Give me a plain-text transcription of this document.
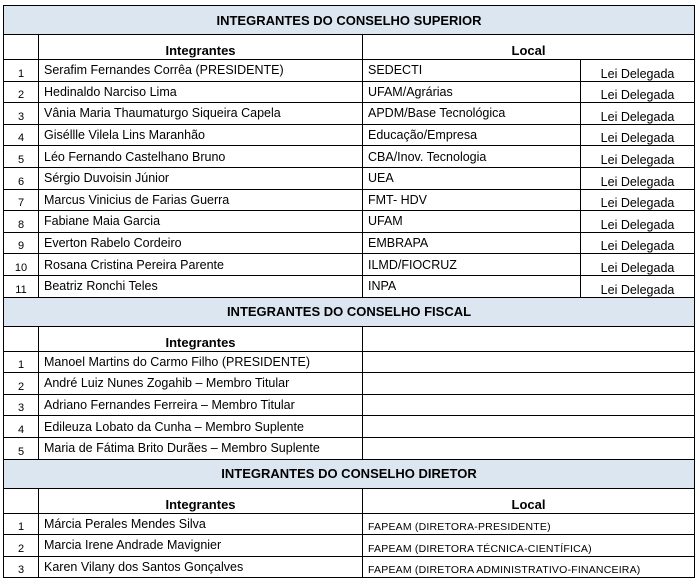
INTEGRANTES DO CONSELHO SUPERIOR			
	Integrantes	Local	
1	Serafim Fernandes Corrêa (PRESIDENTE)	SEDECTI	Lei Delegada
2	Hedinaldo Narciso Lima	UFAM/Agrárias	Lei Delegada
3	Vânia Maria Thaumaturgo Siqueira Capela	APDM/Base Tecnológica	Lei Delegada
4	Giséllle Vilela Lins Maranhão	Educação/Empresa	Lei Delegada
5	Léo Fernando Castelhano Bruno	CBA/Inov. Tecnologia	Lei Delegada
6	Sérgio Duvoisin Júnior	UEA	Lei Delegada
7	Marcus Vinicius de Farias Guerra	FMT- HDV	Lei Delegada
8	Fabiane Maia Garcia	UFAM	Lei Delegada
9	Everton Rabelo Cordeiro	EMBRAPA	Lei Delegada
10	Rosana Cristina Pereira Parente	ILMD/FIOCRUZ	Lei Delegada
11	Beatriz Ronchi Teles	INPA	Lei Delegada
INTEGRANTES DO CONSELHO FISCAL			
	Integrantes		
1	Manoel Martins do Carmo Filho (PRESIDENTE)		
2	André Luiz Nunes Zogahib – Membro Titular		
3	Adriano Fernandes Ferreira – Membro Titular		
4	Edileuza Lobato da Cunha – Membro Suplente		
5	Maria de Fátima Brito Durães – Membro Suplente		
INTEGRANTES DO CONSELHO DIRETOR			
	Integrantes	Local	
1	Márcia Perales Mendes Silva	FAPEAM (DIRETORA-PRESIDENTE)	
2	Marcia Irene Andrade Mavignier	FAPEAM (DIRETORA TÉCNICA-CIENTÍFICA)	
3	Karen Vilany dos Santos Gonçalves	FAPEAM (DIRETORA ADMINISTRATIVO-FINANCEIRA)	
